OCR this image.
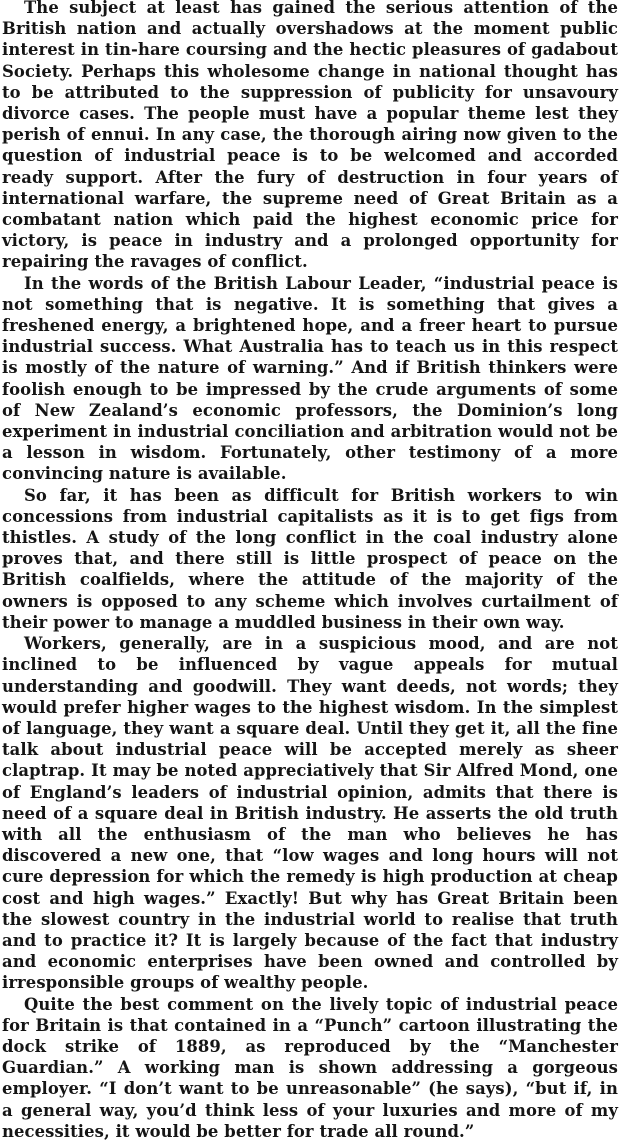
The subject at least has gained the serious attention of the British nation and actually overshadows at the moment public interest in tin-hare coursing and the hectic pleasures of gadabout Society. Perhaps this wholesome change in national thought has to be attributed to the suppression of publicity for unsavoury divorce cases. The people must have a popular theme lest they perish of ennui. In any case, the thorough airing now given to the question of industrial peace is to be welcomed and accorded ready support. After the fury of destruction in four years of international warfare, the supreme need of Great Britain as a combatant nation which paid the highest economic price for victory, is peace in industry and a prolonged opportunity for repairing the ravages of conflict.

In the words of the British Labour Leader, “industrial peace is not something that is negative. It is something that gives a freshened energy, a brightened hope, and a freer heart to pursue industrial success. What Australia has to teach us in this respect is mostly of the nature of warning.” And if British thinkers were foolish enough to be impressed by the crude arguments of some of New Zealand’s economic professors, the Dominion’s long experiment in industrial conciliation and arbitration would not be a lesson in wisdom. Fortunately, other testimony of a more convincing nature is available.

So far, it has been as difficult for British workers to win concessions from industrial capitalists as it is to get figs from thistles. A study of the long conflict in the coal industry alone proves that, and there still is little prospect of peace on the British coalfields, where the attitude of the majority of the owners is opposed to any scheme which involves curtailment of their power to manage a muddled business in their own way.

Workers, generally, are in a suspicious mood, and are not inclined to be influenced by vague appeals for mutual understanding and goodwill. They want deeds, not words; they would prefer higher wages to the highest wisdom. In the simplest of language, they want a square deal. Until they get it, all the fine talk about industrial peace will be accepted merely as sheer claptrap. It may be noted appreciatively that Sir Alfred Mond, one of England’s leaders of industrial opinion, admits that there is need of a square deal in British industry. He asserts the old truth with all the enthusiasm of the man who believes he has discovered a new one, that “low wages and long hours will not cure depression for which the remedy is high production at cheap cost and high wages.” Exactly! But why has Great Britain been the slowest country in the industrial world to realise that truth and to practice it? It is largely because of the fact that industry and economic enterprises have been owned and controlled by irresponsible groups of wealthy people.

Quite the best comment on the lively topic of industrial peace for Britain is that contained in a “Punch” cartoon illustrating the dock strike of 1889, as reproduced by the “Manchester Guardian.” A working man is shown addressing a gorgeous employer. “I don’t want to be unreasonable” (he says), “but if, in a general way, you’d think less of your luxuries and more of my necessities, it would be better for trade all round.”
